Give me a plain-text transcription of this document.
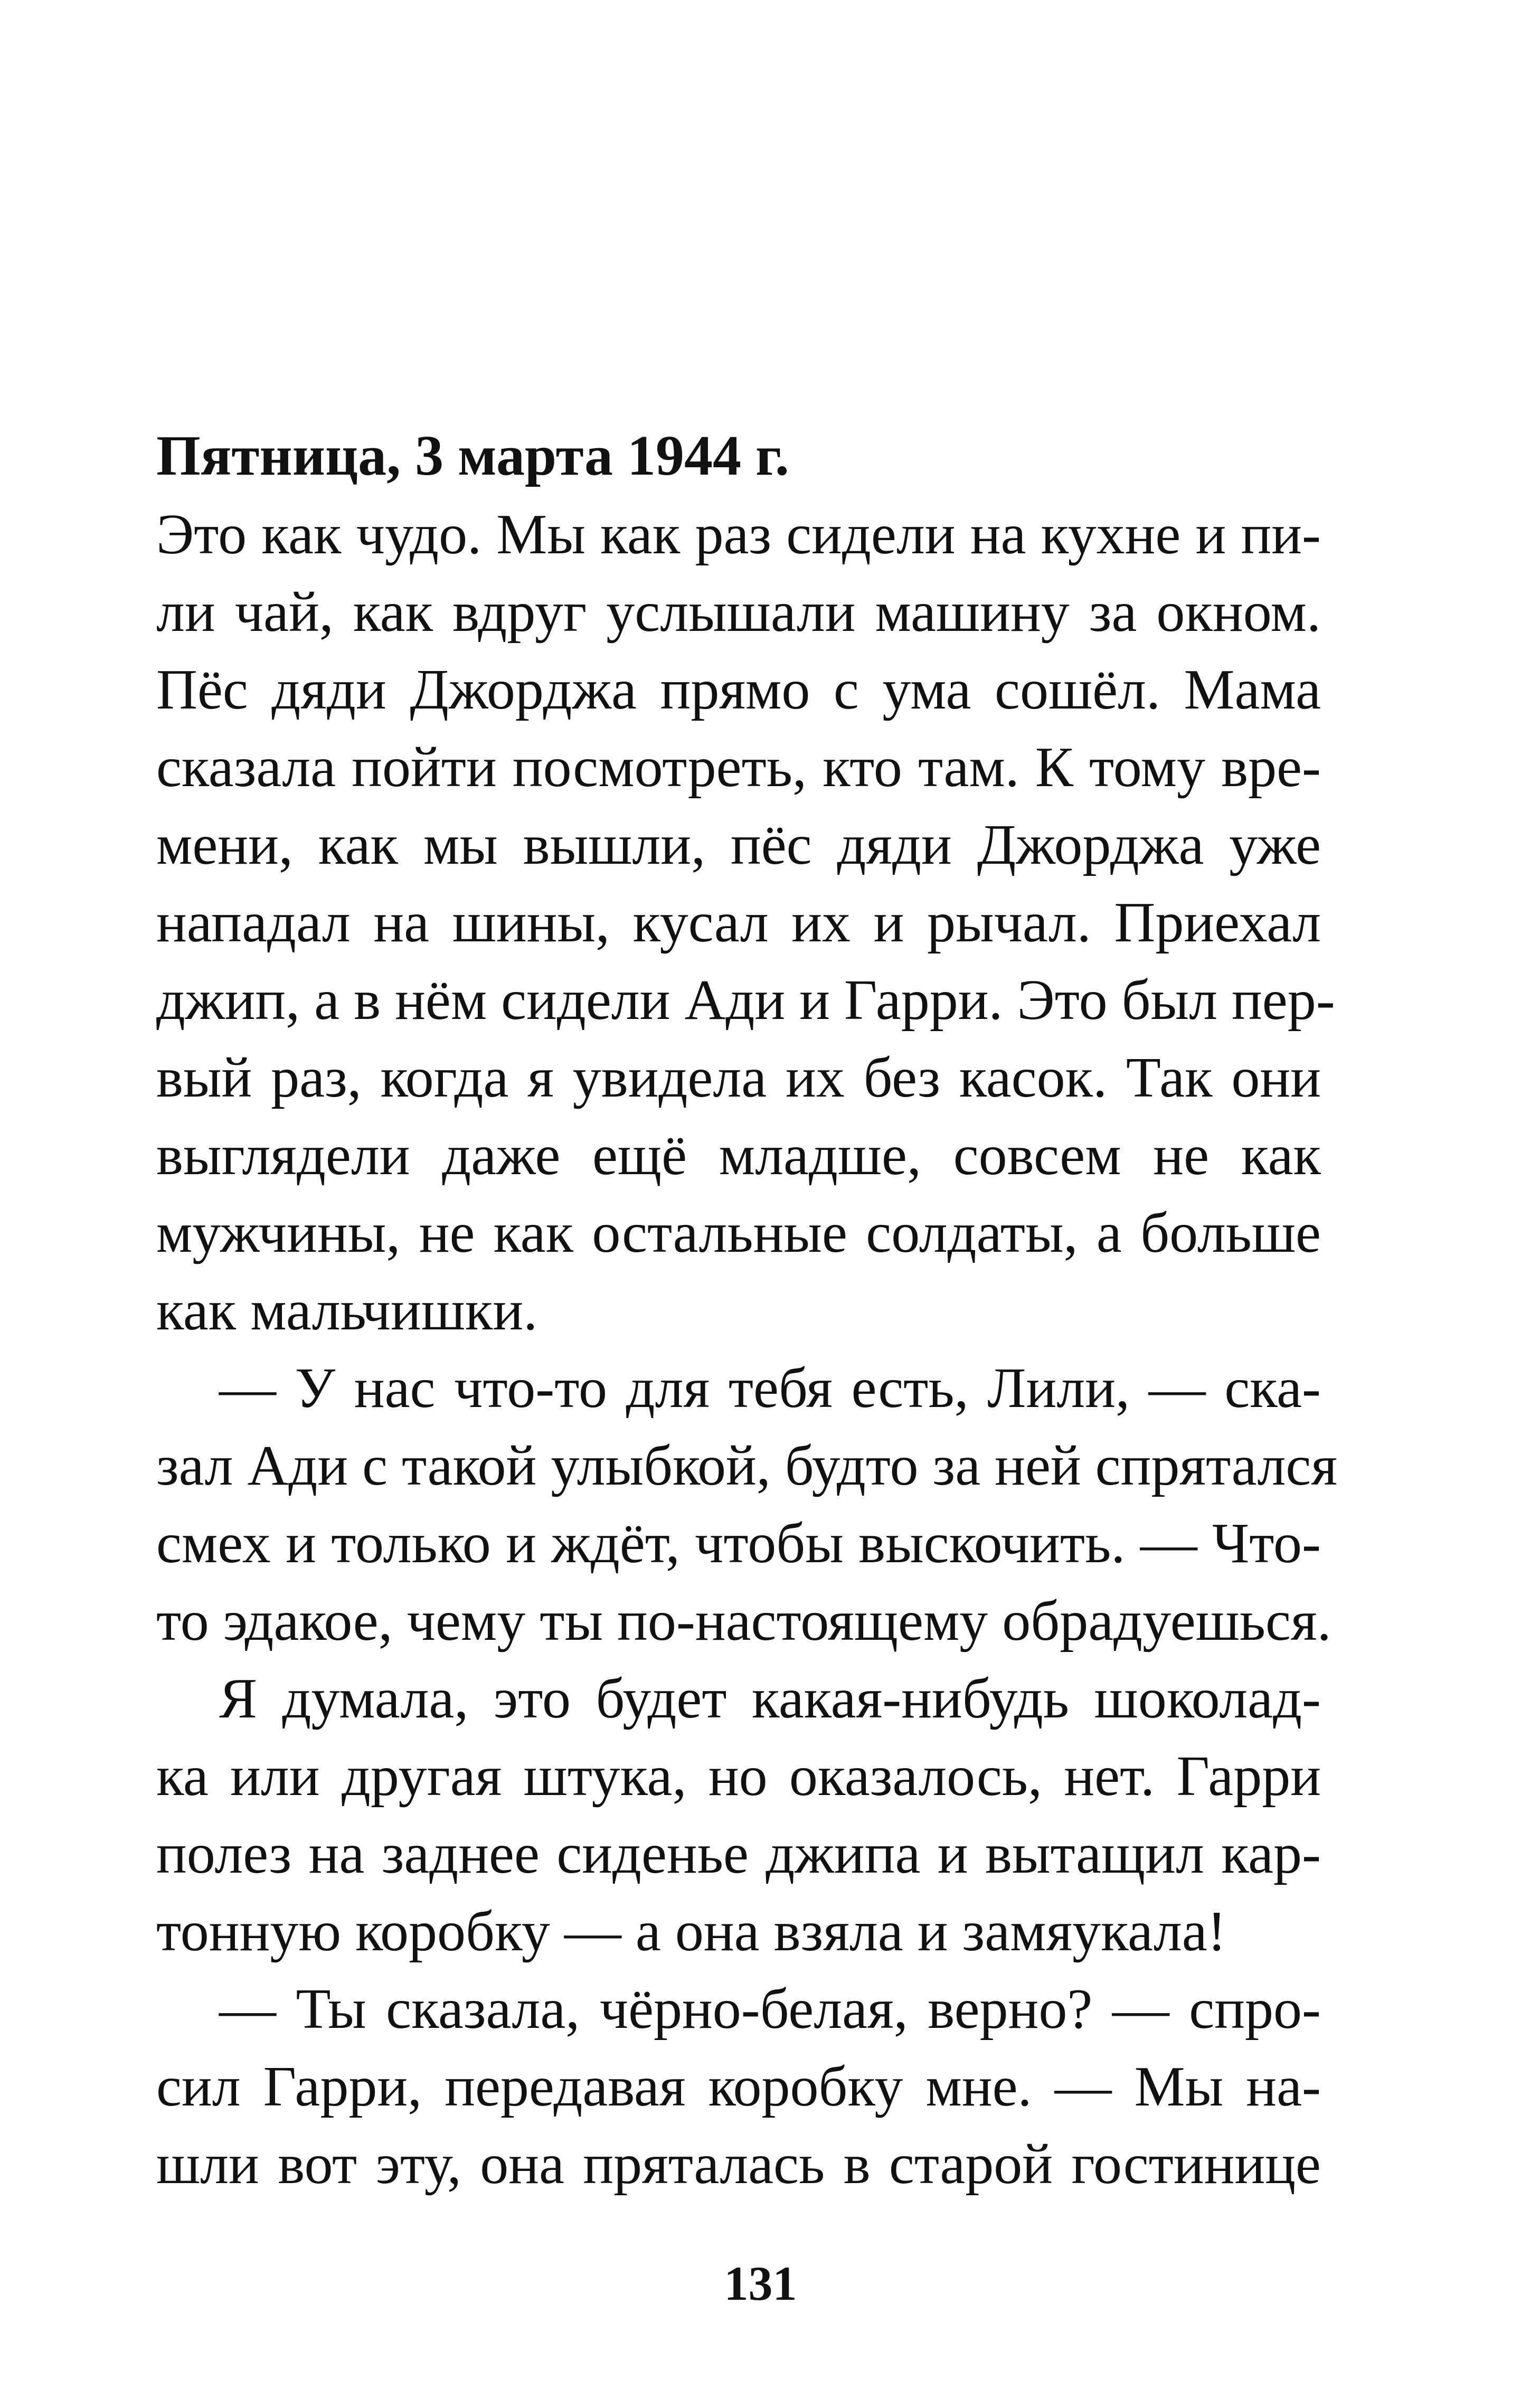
Пятница, 3 марта 1944 г.
Это как чудо. Мы как раз сидели на кухне и пи-
ли чай, как вдруг услышали машину за окном.
Пёс дяди Джорджа прямо с ума сошёл. Мама
сказала пойти посмотреть, кто там. К тому вре-
мени, как мы вышли, пёс дяди Джорджа уже
нападал на шины, кусал их и рычал. Приехал
джип, а в нём сидели Ади и Гарри. Это был пер-
вый раз, когда я увидела их без касок. Так они
выглядели даже ещё младше, совсем не как
мужчины, не как остальные солдаты, а больше
как мальчишки.
— У нас что-то для тебя есть, Лили, — ска-
зал Ади с такой улыбкой, будто за ней спрятался
смех и только и ждёт, чтобы выскочить. — Что-
то эдакое, чему ты по-настоящему обрадуешься.
Я думала, это будет какая-нибудь шоколад-
ка или другая штука, но оказалось, нет. Гарри
полез на заднее сиденье джипа и вытащил кар-
тонную коробку — а она взяла и замяукала!
— Ты сказала, чёрно-белая, верно? — спро-
сил Гарри, передавая коробку мне. — Мы на-
шли вот эту, она пряталась в старой гостинице
131
